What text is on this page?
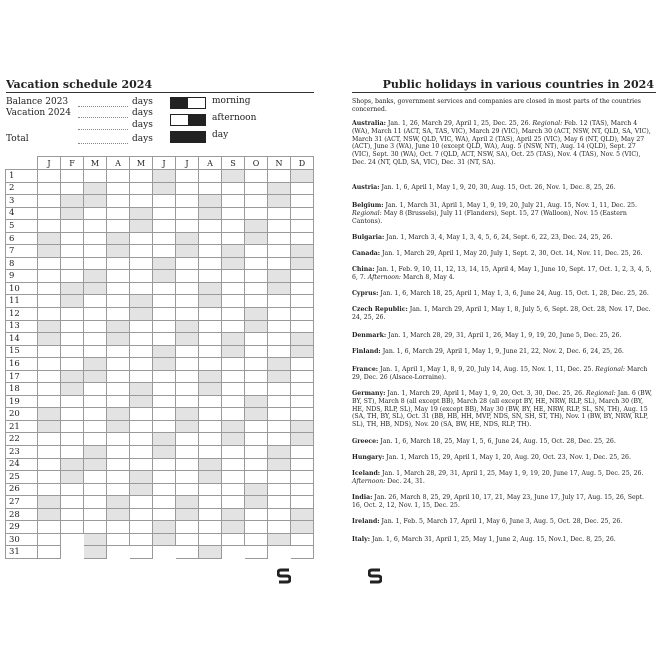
Vacation schedule 2024
Balance 2023	days
Vacation 2024	days
days
Total	days
morning
afternoon
day
	J	F	M	A	M	J	J	A	S	O	N	D
1												
2												
3												
4												
5												
6												
7												
8												
9												
10												
11												
12												
13												
14												
15												
16												
17												
18												
19												
20												
21												
22												
23												
24												
25												
26												
27												
28												
29												
30												
31												
Public holidays in various countries in 2024
Shops, banks, government services and companies are closed in most parts of the countries concerned.
Australia: Jan. 1, 26, March 29, April 1, 25, Dec. 25, 26. Regional: Feb. 12 (TAS), March 4 (WA), March 11 (ACT, SA, TAS, VIC), March 29 (VIC), March 30 (ACT, NSW, NT, QLD, SA, VIC), March 31 (ACT, NSW, QLD, VIC, WA), April 2 (TAS), April 25 (VIC), May 6 (NT, QLD), May 27 (ACT), June 3 (WA), June 10 (except QLD, WA), Aug. 5 (NSW, NT), Aug. 14 (QLD), Sept. 27 (VIC), Sept. 30 (WA), Oct. 7 (QLD, ACT, NSW, SA), Oct. 25 (TAS), Nov. 4 (TAS), Nov. 5 (VIC), Dec. 24 (NT, QLD, SA, VIC), Dec. 31 (NT, SA).
Austria: Jan. 1, 6, April 1, May 1, 9, 20, 30, Aug. 15, Oct. 26, Nov. 1, Dec. 8, 25, 26.
Belgium: Jan. 1, March 31, April 1, May 1, 9, 19, 20, July 21, Aug. 15, Nov. 1, 11, Dec. 25. Regional: May 8 (Brussels), July 11 (Flanders), Sept. 15, 27 (Walloon), Nov. 15 (Eastern Cantons).
Bulgaria: Jan. 1, March 3, 4, May 1, 3, 4, 5, 6, 24, Sept. 6, 22, 23, Dec. 24, 25, 26.
Canada: Jan. 1, March 29, April 1, May 20, July 1, Sept. 2, 30, Oct. 14, Nov. 11, Dec. 25, 26.
China: Jan. 1, Feb. 9, 10, 11, 12, 13, 14, 15, April 4, May 1, June 10, Sept. 17, Oct. 1, 2, 3, 4, 5, 6, 7. Afternoon: March 8, May 4.
Cyprus: Jan. 1, 6, March 18, 25, April 1, May 1, 3, 6, June 24, Aug. 15, Oct. 1, 28, Dec. 25, 26.
Czech Republic: Jan. 1, March 29, April 1, May 1, 8, July 5, 6, Sept. 28, Oct. 28, Nov. 17, Dec. 24, 25, 26.
Denmark: Jan. 1, March 28, 29, 31, April 1, 26, May 1, 9, 19, 20, June 5, Dec. 25, 26.
Finland: Jan. 1, 6, March 29, April 1, May 1, 9, June 21, 22, Nov. 2, Dec. 6, 24, 25, 26.
France: Jan. 1, April 1, May 1, 8, 9, 20, July 14, Aug. 15, Nov. 1, 11, Dec. 25. Regional: March 29, Dec. 26 (Alsace-Lorraine).
Germany: Jan. 1, March 29, April 1, May 1, 9, 20, Oct. 3, 30, Dec. 25, 26. Regional: Jan. 6 (BW, BY, ST), March 8 (all except BB), March 28 (all except BY, HE, NRW, RLP, SL), March 30 (BY, HE, NDS, RLP, SL), May 19 (except BB), May 30 (BW, BY, HE, NRW, RLP, SL, SN, TH), Aug. 15 (SA, TH, BY, SL), Oct. 31 (BB, HB, HH, MVP, NDS, SN, SH, ST, TH), Nov. 1 (BW, BY, NRW, RLP, SL), TH, HB, NDS), Nov. 20 (SA, BW, HE, NDS, RLP, TH).
Greece: Jan. 1, 6, March 18, 25, May 1, 5, 6, June 24, Aug. 15, Oct. 28, Dec. 25, 26.
Hungary: Jan. 1, March 15, 29, April 1, May 1, 20, Aug. 20, Oct. 23, Nov. 1, Dec. 25, 26.
Iceland: Jan. 1, March 28, 29, 31, April 1, 25, May 1, 9, 19, 20, June 17, Aug. 5, Dec. 25, 26. Afternoon: Dec. 24, 31.
India: Jan. 26, March 8, 25, 29, April 10, 17, 21, May 23, June 17, July 17, Aug. 15, 26, Sept. 16, Oct. 2, 12, Nov. 1, 15, Dec. 25.
Ireland: Jan. 1, Feb. 5, March 17, April 1, May 6, June 3, Aug. 5, Oct. 28, Dec. 25, 26.
Italy: Jan. 1, 6, March 31, April 1, 25, May 1, June 2, Aug. 15, Nov.1, Dec. 8, 25, 26.
